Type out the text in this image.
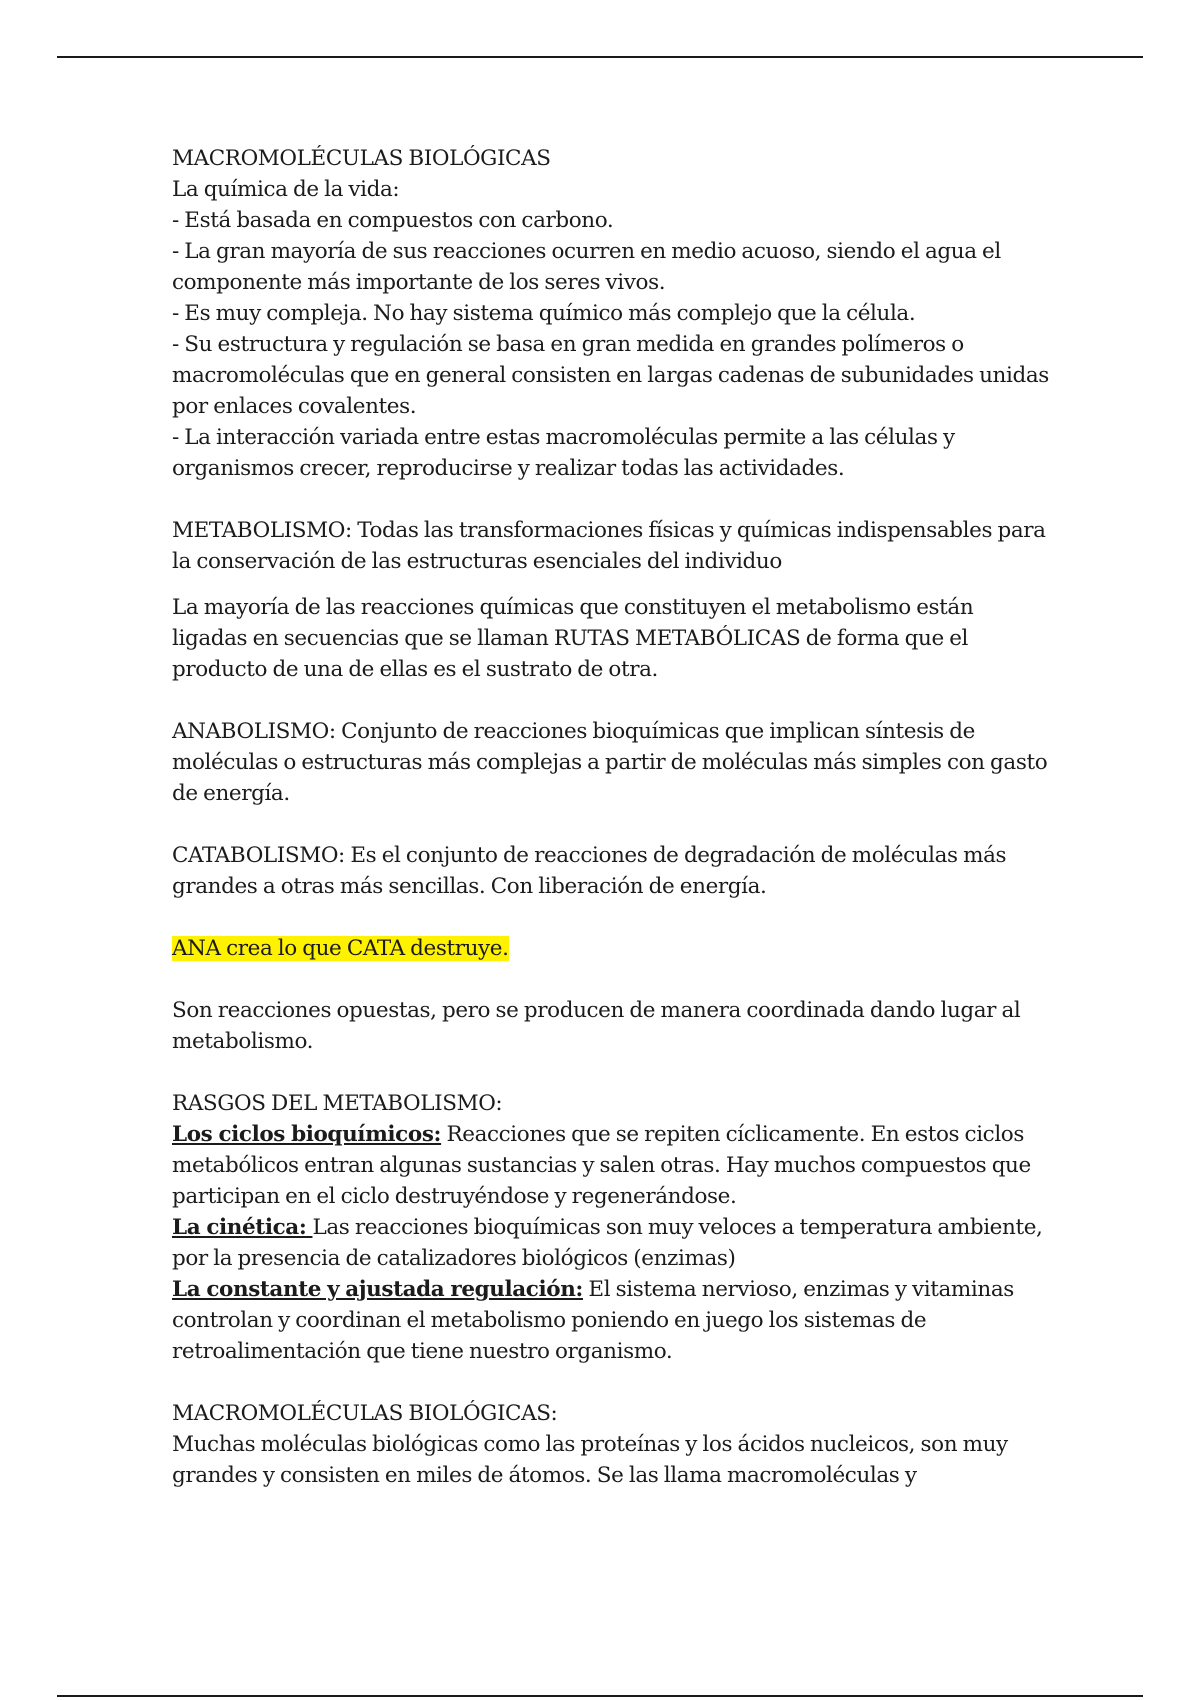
MACROMOLÉCULAS BIOLÓGICAS

La química de la vida:

- Está basada en compuestos con carbono.

- La gran mayoría de sus reacciones ocurren en medio acuoso, siendo el agua el componente más importante de los seres vivos.

- Es muy compleja. No hay sistema químico más complejo que la célula.

- Su estructura y regulación se basa en gran medida en grandes polímeros o macromoléculas que en general consisten en largas cadenas de subunidades unidas por enlaces covalentes.

- La interacción variada entre estas macromoléculas permite a las células y organismos crecer, reproducirse y realizar todas las actividades.

METABOLISMO: Todas las transformaciones físicas y químicas indispensables para la conservación de las estructuras esenciales del individuo

La mayoría de las reacciones químicas que constituyen el metabolismo están ligadas en secuencias que se llaman RUTAS METABÓLICAS de forma que el producto de una de ellas es el sustrato de otra.

ANABOLISMO: Conjunto de reacciones bioquímicas que implican síntesis de moléculas o estructuras más complejas a partir de moléculas más simples con gasto de energía.

CATABOLISMO: Es el conjunto de reacciones de degradación de moléculas más grandes a otras más sencillas. Con liberación de energía.

ANA crea lo que CATA destruye.

Son reacciones opuestas, pero se producen de manera coordinada dando lugar al metabolismo.

RASGOS DEL METABOLISMO:

Los ciclos bioquímicos: Reacciones que se repiten cíclicamente. En estos ciclos metabólicos entran algunas sustancias y salen otras. Hay muchos compuestos que participan en el ciclo destruyéndose y regenerándose.

La cinética: Las reacciones bioquímicas son muy veloces a temperatura ambiente, por la presencia de catalizadores biológicos (enzimas)

La constante y ajustada regulación: El sistema nervioso, enzimas y vitaminas controlan y coordinan el metabolismo poniendo en juego los sistemas de retroalimentación que tiene nuestro organismo.

MACROMOLÉCULAS BIOLÓGICAS:

Muchas moléculas biológicas como las proteínas y los ácidos nucleicos, son muy grandes y consisten en miles de átomos. Se las llama macromoléculas y
